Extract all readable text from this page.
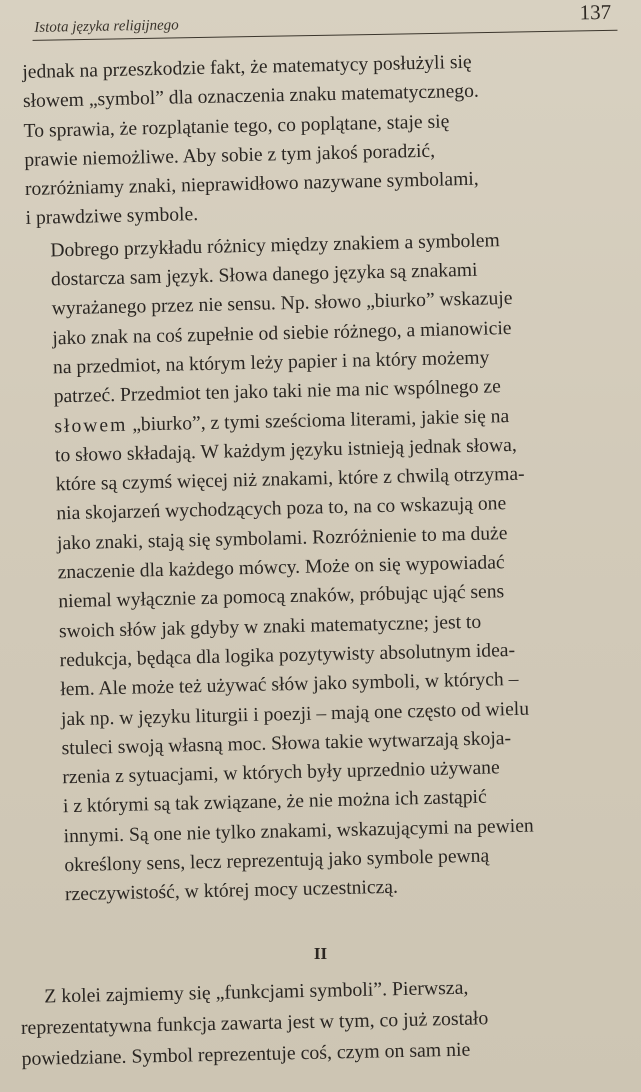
Istota języka religijnego
137

jednak na przeszkodzie fakt, że matematycy posłużyli się
słowem „symbol” dla oznaczenia znaku matematycznego.
To sprawia, że rozplątanie tego, co poplątane, staje się
prawie niemożliwe. Aby sobie z tym jakoś poradzić,
rozróżniamy znaki, nieprawidłowo nazywane symbolami,
i prawdziwe symbole.

Dobrego przykładu różnicy między znakiem a symbolem
dostarcza sam język. Słowa danego języka są znakami
wyrażanego przez nie sensu. Np. słowo „biurko” wskazuje
jako znak na coś zupełnie od siebie różnego, a mianowicie
na przedmiot, na którym leży papier i na który możemy
patrzeć. Przedmiot ten jako taki nie ma nic wspólnego ze
słowem „biurko”, z tymi sześcioma literami, jakie się na
to słowo składają. W każdym języku istnieją jednak słowa,
które są czymś więcej niż znakami, które z chwilą otrzyma-
nia skojarzeń wychodzących poza to, na co wskazują one
jako znaki, stają się symbolami. Rozróżnienie to ma duże
znaczenie dla każdego mówcy. Może on się wypowiadać
niemal wyłącznie za pomocą znaków, próbując ująć sens
swoich słów jak gdyby w znaki matematyczne; jest to
redukcja, będąca dla logika pozytywisty absolutnym idea-
łem. Ale może też używać słów jako symboli, w których –
jak np. w języku liturgii i poezji – mają one często od wielu
stuleci swoją własną moc. Słowa takie wytwarzają skoja-
rzenia z sytuacjami, w których były uprzednio używane
i z którymi są tak związane, że nie można ich zastąpić
innymi. Są one nie tylko znakami, wskazującymi na pewien
określony sens, lecz reprezentują jako symbole pewną
rzeczywistość, w której mocy uczestniczą.

II

Z kolei zajmiemy się „funkcjami symboli”. Pierwsza,
reprezentatywna funkcja zawarta jest w tym, co już zostało
powiedziane. Symbol reprezentuje coś, czym on sam nie
